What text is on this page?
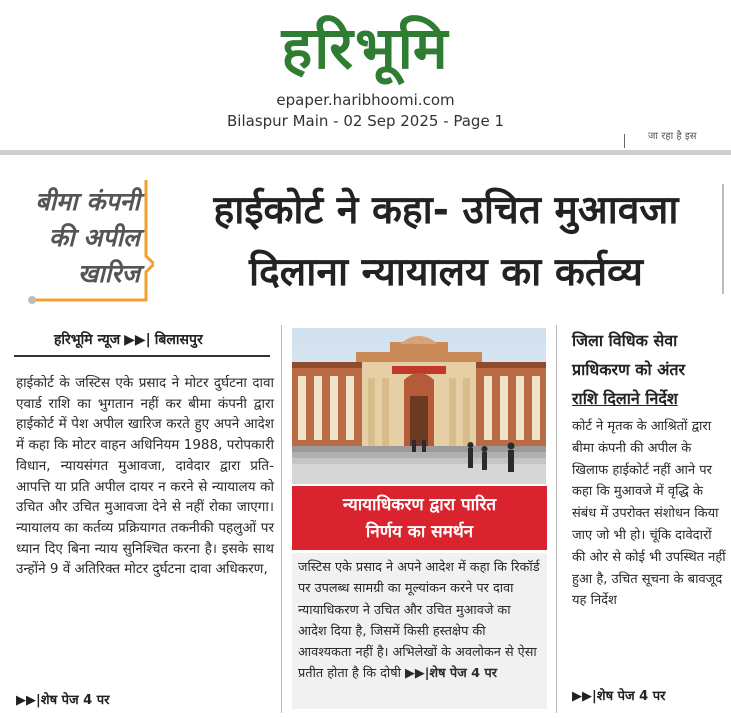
हरिभूमि
epaper.haribhoomi.com
Bilaspur Main - 02 Sep 2025 - Page 1
जा रहा है इस
बीमा कंपनी
की अपील
खारिज
हाईकोर्ट ने कहा- उचित मुआवजा
दिलाना न्यायालय का कर्तव्य
हरिभूमि न्यूज ▶▶| बिलासपुर
हाईकोर्ट के जस्टिस एके प्रसाद ने मोटर दुर्घटना दावा एवार्ड राशि का भुगतान नहीं कर बीमा कंपनी द्वारा हाईकोर्ट में पेश अपील खारिज करते हुए अपने आदेश में कहा कि मोटर वाहन अधिनियम 1988, परोपकारी विधान, न्यायसंगत मुआवजा, दावेदार द्वारा प्रति-आपत्ति या प्रति अपील दायर न करने से न्यायालय को उचित और उचित मुआवजा देने से नहीं रोका जाएगा। न्यायालय का कर्तव्य प्रक्रियागत तकनीकी पहलुओं पर ध्यान दिए बिना न्याय सुनिश्चित करना है। इसके साथ उन्होंने 9 वें अतिरिक्त मोटर दुर्घटना दावा अधिकरण,
▶▶|शेष पेज 4 पर
न्यायाधिकरण द्वारा पारित
निर्णय का समर्थन
जस्टिस एके प्रसाद ने अपने आदेश में कहा कि रिकॉर्ड पर उपलब्ध सामग्री का मूल्यांकन करने पर दावा न्यायाधिकरण ने उचित और उचित मुआवजे का आदेश दिया है, जिसमें किसी हस्तक्षेप की आवश्यकता नहीं है। अभिलेखों के अवलोकन से ऐसा प्रतीत होता है कि दोषी ▶▶|शेष पेज 4 पर
जिला विधिक सेवा
प्राधिकरण को अंतर
राशि दिलाने निर्देश
कोर्ट ने मृतक के आश्रितों द्वारा बीमा कंपनी की अपील के खिलाफ हाईकोर्ट नहीं आने पर कहा कि मुआवजे में वृद्धि के संबंध में उपरोक्त संशोधन किया जाए जो भी हो। चूंकि दावेदारों की ओर से कोई भी उपस्थित नहीं हुआ है, उचित सूचना के बावजूद यह निर्देश
▶▶|शेष पेज 4 पर
